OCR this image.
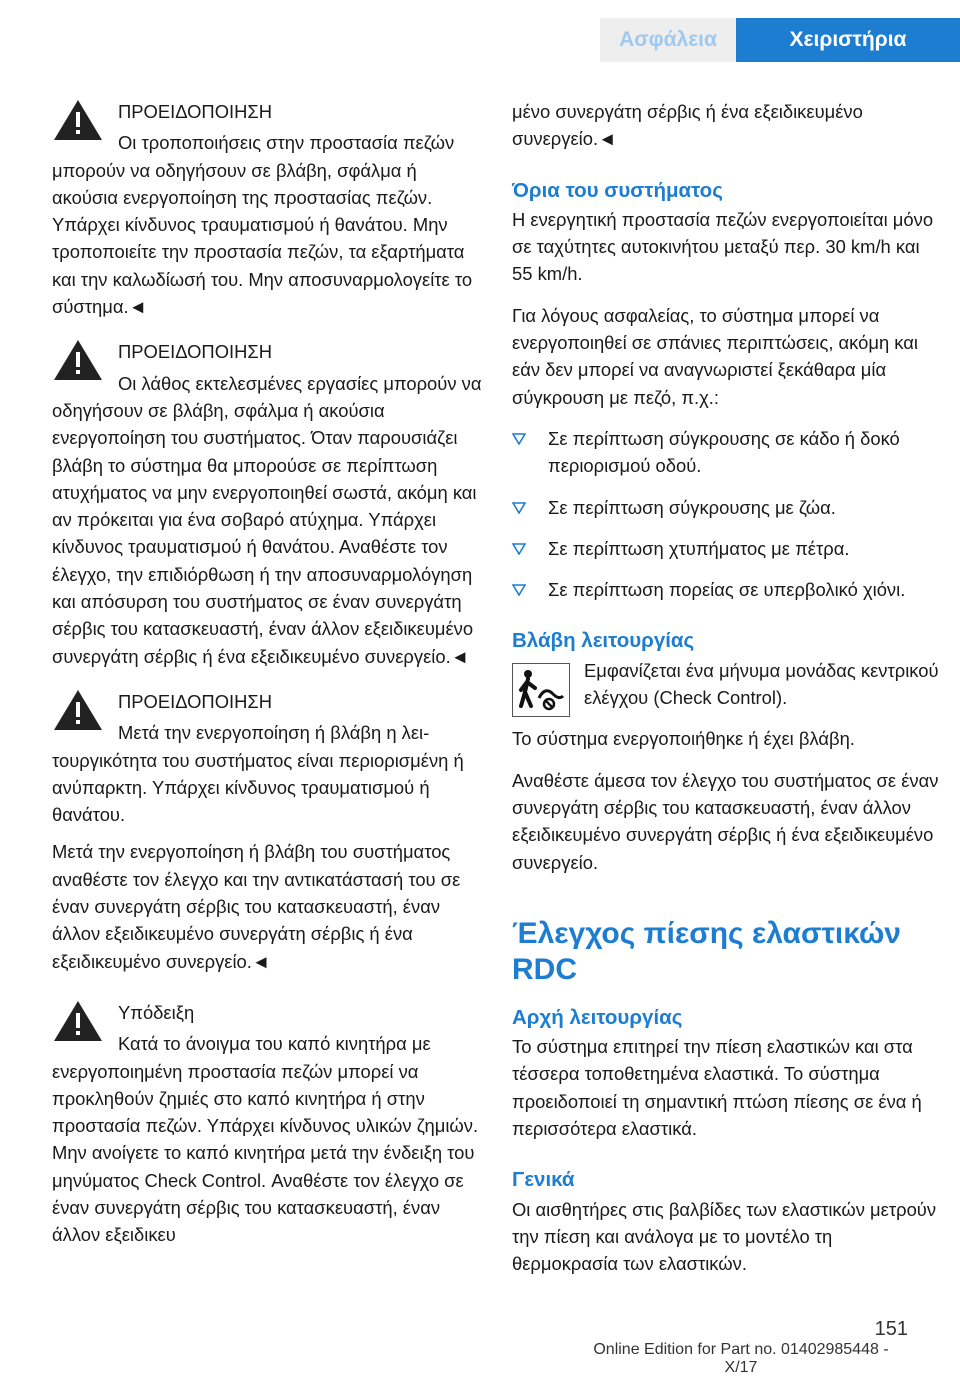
Ασφάλεια	Χειριστήρια
ΠΡΟΕΙΔΟΠΟΙΗΣΗ
Οι τροποποιήσεις στην προστασία πεζών μπορούν να οδηγήσουν σε βλάβη, σφάλμα ή ακούσια ενεργοποίηση της προστασίας πεζών. Υπάρχει κίνδυνος τραυματισμού ή θανάτου. Μην τροποποιείτε την προστασία πεζών, τα εξαρτήματα και την καλωδίωσή του. Μην αποσυναρμολογείτε το σύστημα.◄
ΠΡΟΕΙΔΟΠΟΙΗΣΗ
Οι λάθος εκτελεσμένες εργασίες μπορούν να οδηγήσουν σε βλάβη, σφάλμα ή ακούσια ενεργοποίηση του συστήματος. Όταν παρουσιάζει βλάβη το σύστημα θα μπορούσε σε περίπτωση ατυχήματος να μην ενεργοποιηθεί σωστά, ακόμη και αν πρόκειται για ένα σοβαρό ατύχημα. Υπάρχει κίνδυνος τραυματισμού ή θανάτου. Αναθέστε τον έλεγχο, την επιδιόρθωση ή την αποσυναρμολόγηση και απόσυρση του συστήματος σε έναν συνεργάτη σέρβις του κατασκευαστή, έναν άλλον εξειδικευμένο συνεργάτη σέρβις ή ένα εξειδικευμένο συνεργείο.◄
ΠΡΟΕΙΔΟΠΟΙΗΣΗ
Μετά την ενεργοποίηση ή βλάβη η λειτουργικότητα του συστήματος είναι περιορισμένη ή ανύπαρκτη. Υπάρχει κίνδυνος τραυματισμού ή θανάτου.

Μετά την ενεργοποίηση ή βλάβη του συστήματος αναθέστε τον έλεγχο και την αντικατάστασή του σε έναν συνεργάτη σέρβις του κατασκευαστή, έναν άλλον εξειδικευμένο συνεργάτη σέρβις ή ένα εξειδικευμένο συνεργείο.◄

Υπόδειξη
Κατά το άνοιγμα του καπό κινητήρα με ενεργοποιημένη προστασία πεζών μπορεί να προκληθούν ζημιές στο καπό κινητήρα ή στην προστασία πεζών. Υπάρχει κίνδυνος υλικών ζημιών. Μην ανοίγετε το καπό κινητήρα μετά την ένδειξη του μηνύματος Check Control. Αναθέστε τον έλεγχο σε έναν συνεργάτη σέρβις του κατασκευαστή, έναν άλλον εξειδικευ

μένο συνεργάτη σέρβις ή ένα εξειδικευμένο συνεργείο.◄

Όρια του συστήματος

Η ενεργητική προστασία πεζών ενεργοποιείται μόνο σε ταχύτητες αυτοκινήτου μεταξύ περ. 30 km/h και 55 km/h.

Για λόγους ασφαλείας, το σύστημα μπορεί να ενεργοποιηθεί σε σπάνιες περιπτώσεις, ακόμη και εάν δεν μπορεί να αναγνωριστεί ξεκάθαρα μία σύγκρουση με πεζό, π.χ.:

Σε περίπτωση σύγκρουσης σε κάδο ή δοκό περιορισμού οδού.
Σε περίπτωση σύγκρουσης με ζώα.
Σε περίπτωση χτυπήματος με πέτρα.
Σε περίπτωση πορείας σε υπερβολικό χιόνι.
Βλάβη λειτουργίας

Εμφανίζεται ένα μήνυμα μονάδας κεντρικού ελέγχου (Check Control).

Το σύστημα ενεργοποιήθηκε ή έχει βλάβη.

Αναθέστε άμεσα τον έλεγχο του συστήματος σε έναν συνεργάτη σέρβις του κατασκευαστή, έναν άλλον εξειδικευμένο συνεργάτη σέρβις ή ένα εξειδικευμένο συνεργείο.

Έλεγχος πίεσης ελαστικών RDC
Αρχή λειτουργίας

Το σύστημα επιτηρεί την πίεση ελαστικών και στα τέσσερα τοποθετημένα ελαστικά. Το σύστημα προειδοποιεί τη σημαντική πτώση πίεσης σε ένα ή περισσότερα ελαστικά.

Γενικά

Οι αισθητήρες στις βαλβίδες των ελαστικών μετρούν την πίεση και ανάλογα με το μοντέλο τη θερμοκρασία των ελαστικών.

151
Online Edition for Part no. 01402985448 - X/17
